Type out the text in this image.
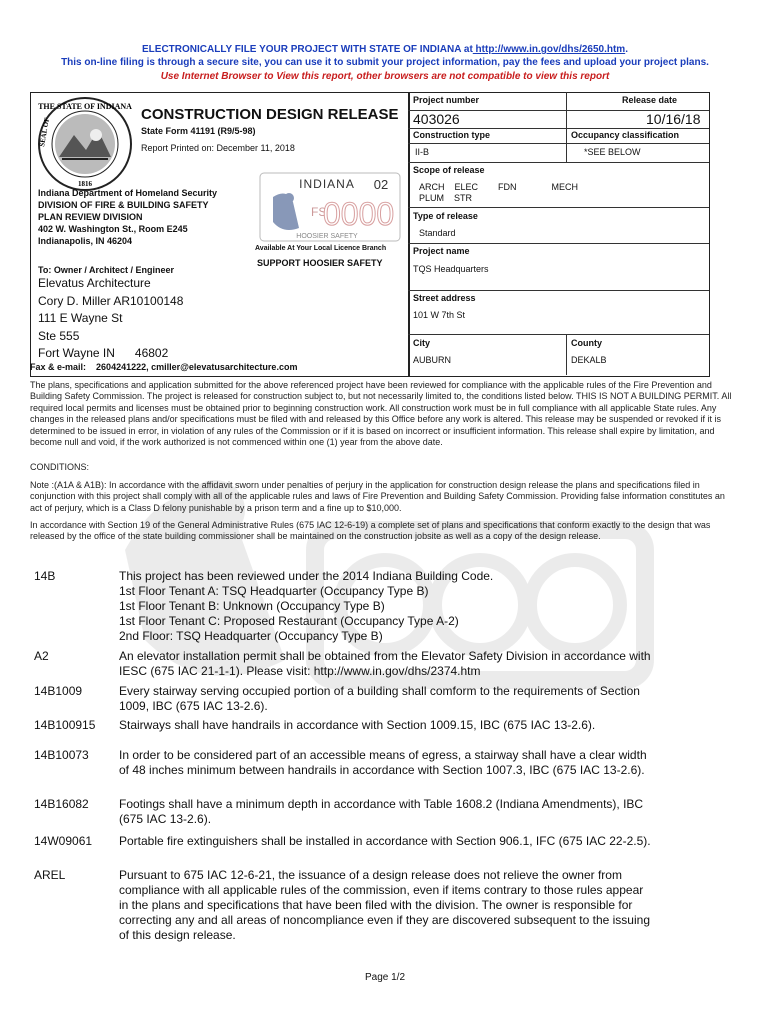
ELECTRONICALLY FILE YOUR PROJECT WITH STATE OF INDIANA at http://www.in.gov/dhs/2650.htm.
This on-line filing is through a secure site, you can use it to submit your project information, pay the fees and upload your project plans.
Use Internet Browser to View this report, other browsers are not compatible to view this report
THE STATE OF INDIANA
SEAL OF
1816
CONSTRUCTION DESIGN RELEASE
State Form 41191 (R9/5-98)
Report Printed on: December 11, 2018
Indiana Department of Homeland Security
DIVISION OF FIRE & BUILDING SAFETY
PLAN REVIEW DIVISION
402 W. Washington St., Room E245
Indianapolis, IN 46204
INDIANA 02
FS
0000
HOOSIER SAFETY
Available At Your Local Licence Branch
SUPPORT HOOSIER SAFETY
To: Owner / Architect / Engineer
Elevatus Architecture
Cory D. Miller AR10100148
111 E Wayne St
Ste 555
Fort Wayne IN 46802
Fax & e-mail: 2604241222, cmiller@elevatusarchitecture.com
Project number
403026
Release date
10/16/18
Construction type
II-B
Occupancy classification
*SEE BELOW
Scope of release
ARCH    ELEC        FDN              MECH
PLUM    STR
Type of release
Standard
Project name
TQS Headquarters
Street address
101 W 7th St
City
AUBURN
County
DEKALB
The plans, specifications and application submitted for the above referenced project have been reviewed for compliance with the applicable rules of the Fire Prevention and Building Safety Commission. The project is released for construction subject to, but not necessarily limited to, the conditions listed below. THIS IS NOT A BUILDING PERMIT. All required local permits and licenses must be obtained prior to beginning construction work. All construction work must be in full compliance with all applicable State rules. Any changes in the released plans and/or specifications must be filed with and released by this Office before any work is altered. This release may be suspended or revoked if it is determined to be issued in error, in violation of any rules of the Commission or if it is based on incorrect or insufficient information. This release shall expire by limitation, and become null and void, if the work authorized is not commenced within one (1) year from the above date.
CONDITIONS:
Note :(A1A & A1B): In accordance with the affidavit sworn under penalties of perjury in the application for construction design release the plans and specifications filed in conjunction with this project shall comply with all of the applicable rules and laws of Fire Prevention and Building Safety Commission. Providing false information constitutes an act of perjury, which is a Class D felony punishable by a prison term and a fine up to $10,000.
In accordance with Section 19 of the General Administrative Rules (675 IAC 12-6-19) a complete set of plans and specifications that conform exactly to the design that was released by the office of the state building commissioner shall be maintained on the construction jobsite as well as a copy of the design release.
14B	This project has been reviewed under the 2014 Indiana Building Code.
1st Floor Tenant A: TSQ Headquarter (Occupancy Type B)
1st Floor Tenant B: Unknown (Occupancy Type B)
1st Floor Tenant C: Proposed Restaurant (Occupancy Type A-2)
2nd Floor: TSQ Headquarter (Occupancy Type B)
A2	An elevator installation permit shall be obtained from the Elevator Safety Division in accordance with
IESC (675 IAC 21-1-1). Please visit: http://www.in.gov/dhs/2374.htm
14B1009	Every stairway serving occupied portion of a building shall comform to the requirements of Section
1009, IBC (675 IAC 13-2.6).
14B100915 Stairways shall have handrails in accordance with Section 1009.15, IBC (675 IAC 13-2.6).
14B10073	In order to be considered part of an accessible means of egress, a stairway shall have a clear width
of 48 inches minimum between handrails in accordance with Section 1007.3, IBC (675 IAC 13-2.6).
14B16082	Footings shall have a minimum depth in accordance with Table 1608.2 (Indiana Amendments), IBC
(675 IAC 13-2.6).
14W09061 Portable fire extinguishers shall be installed in accordance with Section 906.1, IFC (675 IAC 22-2.5).
AREL	Pursuant to 675 IAC 12-6-21, the issuance of a design release does not relieve the owner from
compliance with all applicable rules of the commission, even if items contrary to those rules appear
in the plans and specifications that have been filed with the division. The owner is responsible for
correcting any and all areas of noncompliance even if they are discovered subsequent to the issuing
of this design release.
Page 1/2
